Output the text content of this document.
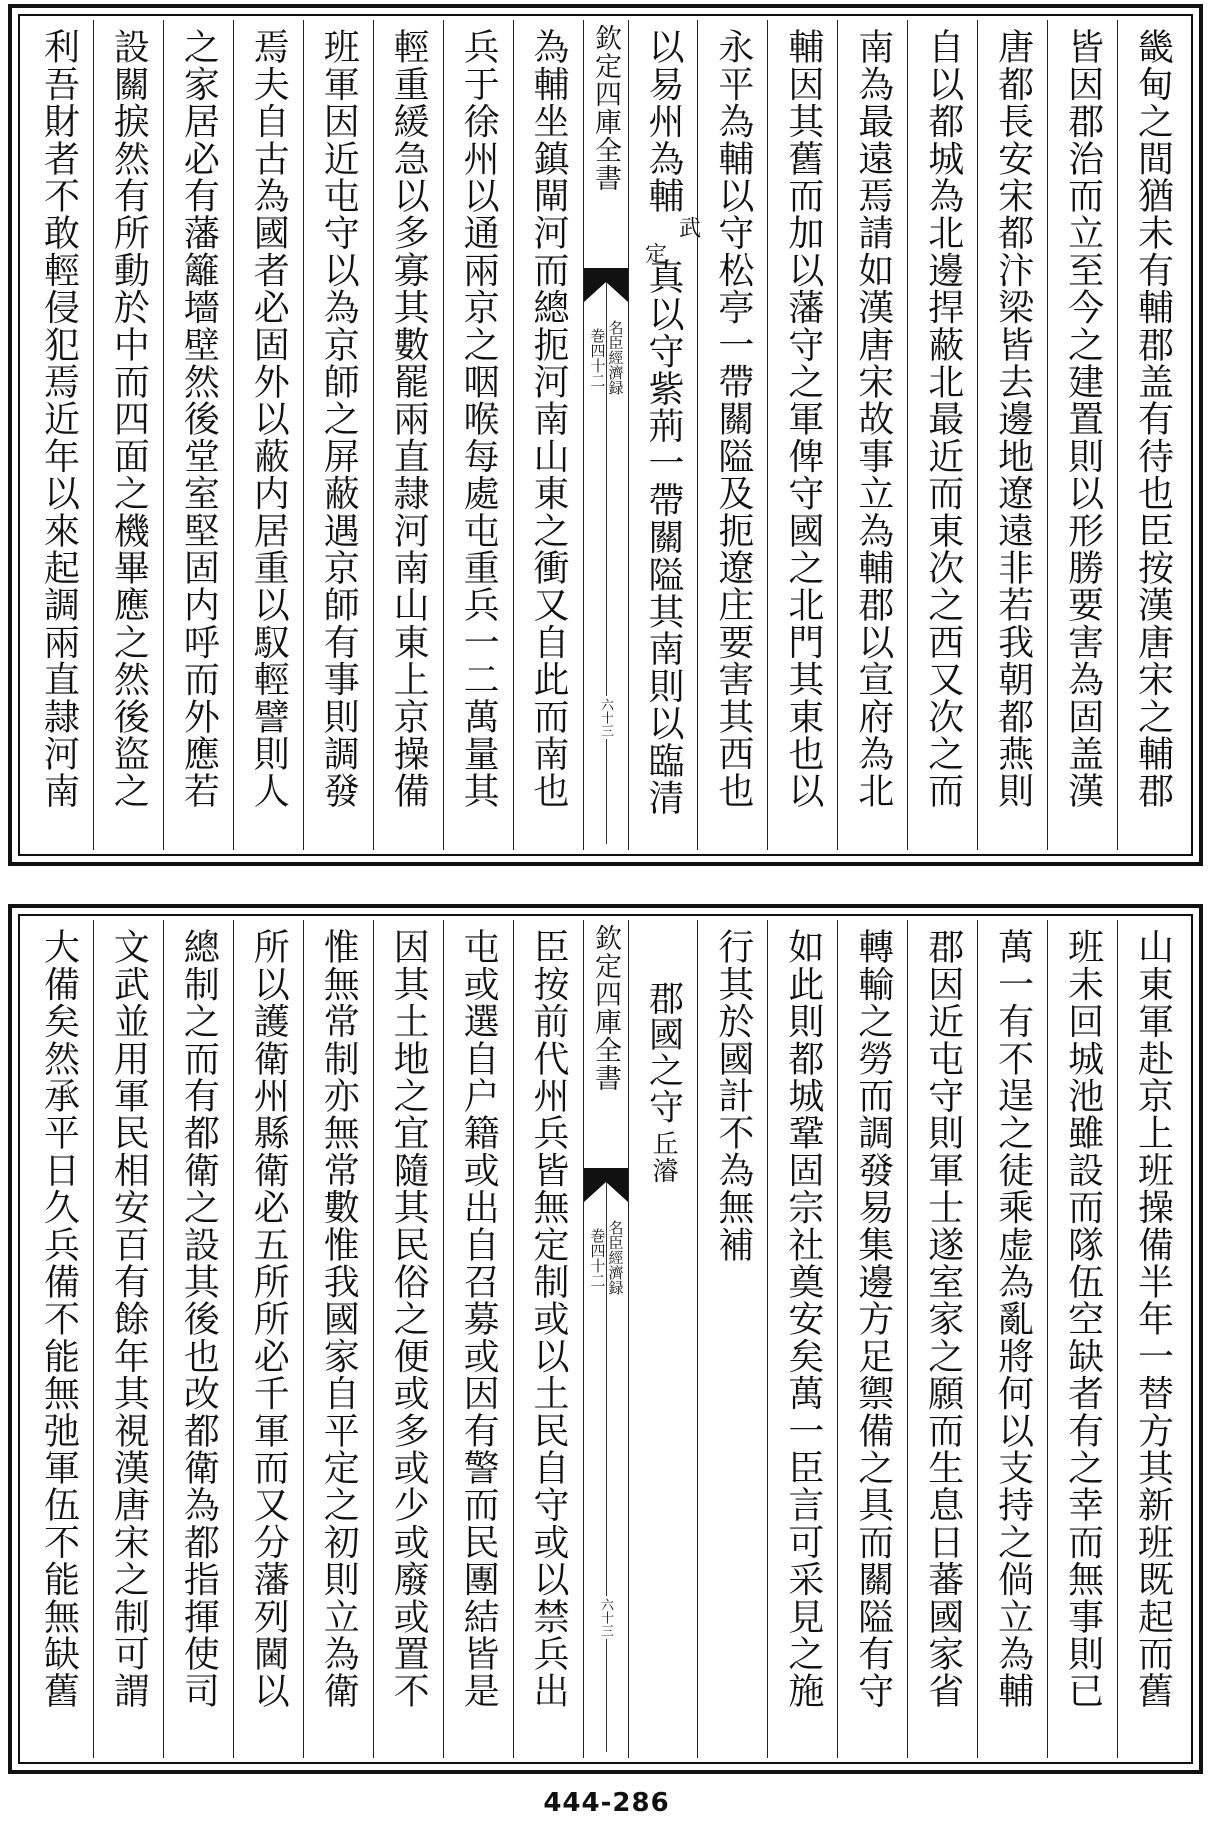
畿甸之間猶未有輔郡盖有待也臣按漢唐宋之輔郡
皆因郡治而立至今之建置則以形勝要害為固盖漢
唐都長安宋都汴梁皆去邊地遼遠非若我朝都燕則
自以都城為北邊捍蔽北最近而東次之西又次之而
南為最遠焉請如漢唐宋故事立為輔郡以宣府為北
輔因其舊而加以藩守之軍俾守國之北門其東也以
永平為輔以守松亭一帶關隘及扼遼庄要害其西也
以易州為輔
武
定
真以守紫荊一帶關隘其南則以臨清
欽定四庫全書
名臣經濟録
巻四十二
六十三
為輔坐鎮閘河而總扼河南山東之衝又自此而南也
兵于徐州以通兩京之咽喉每處屯重兵一二萬量其
輕重緩急以多寡其數罷兩直隷河南山東上京操備
班軍因近屯守以為京師之屏蔽遇京師有事則調發
焉夫自古為國者必固外以蔽内居重以馭輕譬則人
之家居必有藩籬墻壁然後堂室堅固内呼而外應若
設關捩然有所動於中而四面之機畢應之然後盜之
利吾財者不敢輕侵犯焉近年以來起調兩直隷河南
山東軍赴京上班操備半年一替方其新班既起而舊
班未回城池雖設而隊伍空缺者有之幸而無事則已
萬一有不逞之徒乘虚為亂將何以支持之倘立為輔
郡因近屯守則軍士遂室家之願而生息日蕃國家省
轉輸之勞而調發易集邊方足禦備之具而關隘有守
如此則都城鞏固宗社奠安矣萬一臣言可采見之施
行其於國計不為無補
郡國之守
丘濬
欽定四庫全書
名臣經濟録
巻四十二
六十三
臣按前代州兵皆無定制或以土民自守或以禁兵出
屯或選自户籍或出自召募或因有警而民團結皆是
因其土地之宜隨其民俗之便或多或少或廢或置不
惟無常制亦無常數惟我國家自平定之初則立為衛
所以護衛州縣衛必五所所必千軍而又分藩列閫以
總制之而有都衛之設其後也改都衛為都指揮使司
文武並用軍民相安百有餘年其視漢唐宋之制可謂
大備矣然承平日久兵備不能無弛軍伍不能無缺舊
444-286
